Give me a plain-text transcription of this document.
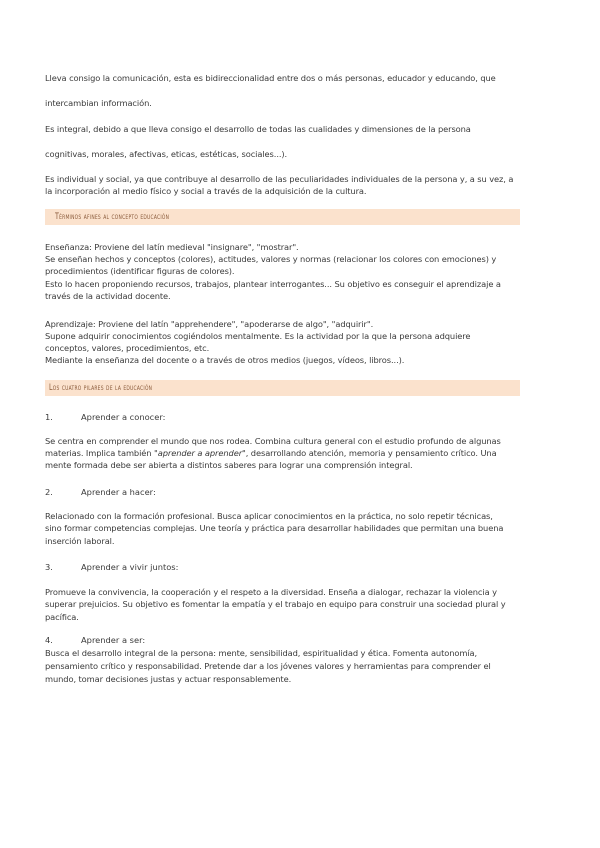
Lleva consigo la comunicación, esta es bidireccionalidad entre dos o más personas, educador y educando, que
intercambian información.
Es integral, debido a que lleva consigo el desarrollo de todas las cualidades y dimensiones de la persona
cognitivas, morales, afectivas, eticas, estéticas, sociales...).
Es individual y social, ya que contribuye al desarrollo de las peculiaridades individuales de la persona y, a su vez, a
la incorporación al medio físico y social a través de la adquisición de la cultura.
Términos afines al concepto educación
Enseñanza: Proviene del latín medieval "insignare", "mostrar".
Se enseñan hechos y conceptos (colores), actitudes, valores y normas (relacionar los colores con emociones) y
procedimientos (identificar figuras de colores).
Esto lo hacen proponiendo recursos, trabajos, plantear interrogantes... Su objetivo es conseguir el aprendizaje a
través de la actividad docente.
Aprendizaje: Proviene del latín "apprehendere", "apoderarse de algo", "adquirir".
Supone adquirir conocimientos cogiéndolos mentalmente. Es la actividad por la que la persona adquiere
conceptos, valores, procedimientos, etc.
Mediante la enseñanza del docente o a través de otros medios (juegos, vídeos, libros...).
Los cuatro pilares de la educación
1.	Aprender a conocer:
Se centra en comprender el mundo que nos rodea. Combina cultura general con el estudio profundo de algunas
materias. Implica también "aprender a aprender", desarrollando atención, memoria y pensamiento crítico. Una
mente formada debe ser abierta a distintos saberes para lograr una comprensión integral.
2.	Aprender a hacer:
Relacionado con la formación profesional. Busca aplicar conocimientos en la práctica, no solo repetir técnicas,
sino formar competencias complejas. Une teoría y práctica para desarrollar habilidades que permitan una buena
inserción laboral.
3.	Aprender a vivir juntos:
Promueve la convivencia, la cooperación y el respeto a la diversidad. Enseña a dialogar, rechazar la violencia y
superar prejuicios. Su objetivo es fomentar la empatía y el trabajo en equipo para construir una sociedad plural y
pacífica.
4.	Aprender a ser:
Busca el desarrollo integral de la persona: mente, sensibilidad, espiritualidad y ética. Fomenta autonomía,
pensamiento crítico y responsabilidad. Pretende dar a los jóvenes valores y herramientas para comprender el
mundo, tomar decisiones justas y actuar responsablemente.
